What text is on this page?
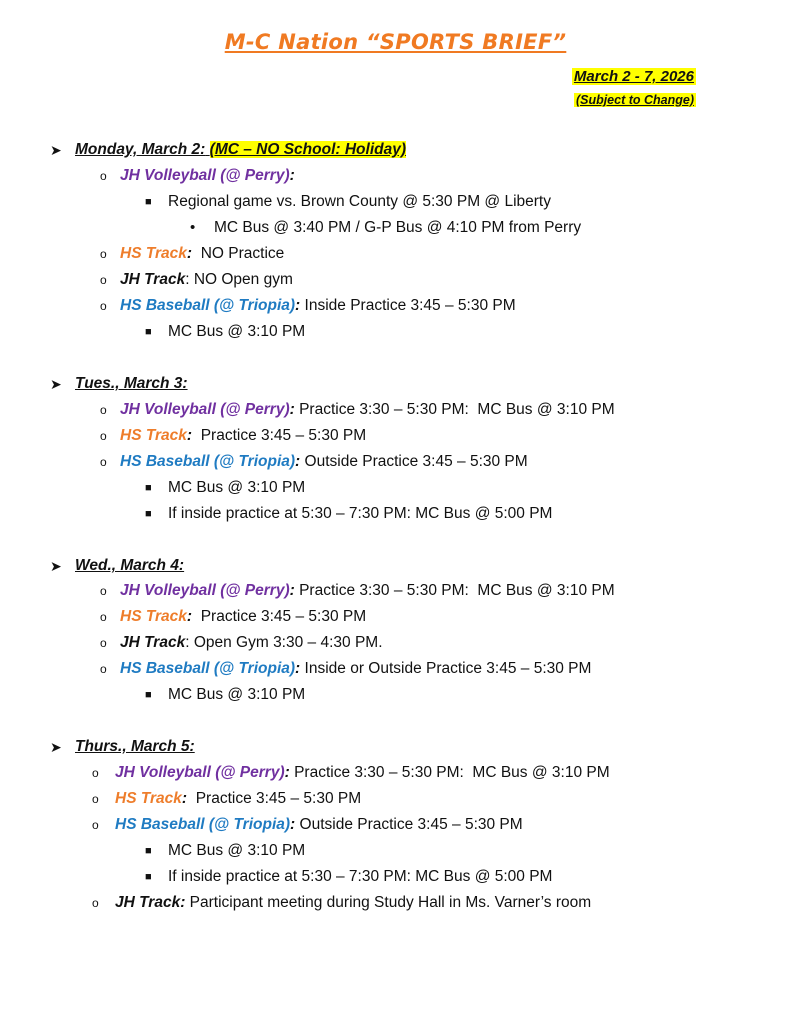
M-C Nation “SPORTS BRIEF”
March 2 - 7, 2026
(Subject to Change)
➤ Monday, March 2: (MC – NO School: Holiday)
o JH Volleyball (@ Perry):
■ Regional game vs. Brown County @ 5:30 PM @ Liberty
• MC Bus @ 3:40 PM / G-P Bus @ 4:10 PM from Perry
o HS Track:  NO Practice
o JH Track: NO Open gym
o HS Baseball (@ Triopia): Inside Practice 3:45 – 5:30 PM
■ MC Bus @ 3:10 PM
➤ Tues., March 3:
o JH Volleyball (@ Perry): Practice 3:30 – 5:30 PM:  MC Bus @ 3:10 PM
o HS Track:  Practice 3:45 – 5:30 PM
o HS Baseball (@ Triopia): Outside Practice 3:45 – 5:30 PM
■ MC Bus @ 3:10 PM
■ If inside practice at 5:30 – 7:30 PM: MC Bus @ 5:00 PM
➤ Wed., March 4:
o JH Volleyball (@ Perry): Practice 3:30 – 5:30 PM:  MC Bus @ 3:10 PM
o HS Track:  Practice 3:45 – 5:30 PM
o JH Track: Open Gym 3:30 – 4:30 PM.
o HS Baseball (@ Triopia): Inside or Outside Practice 3:45 – 5:30 PM
■ MC Bus @ 3:10 PM
➤ Thurs., March 5:
o JH Volleyball (@ Perry): Practice 3:30 – 5:30 PM:  MC Bus @ 3:10 PM
o HS Track:  Practice 3:45 – 5:30 PM
o HS Baseball (@ Triopia): Outside Practice 3:45 – 5:30 PM
■ MC Bus @ 3:10 PM
■ If inside practice at 5:30 – 7:30 PM: MC Bus @ 5:00 PM
o JH Track: Participant meeting during Study Hall in Ms. Varner’s room
